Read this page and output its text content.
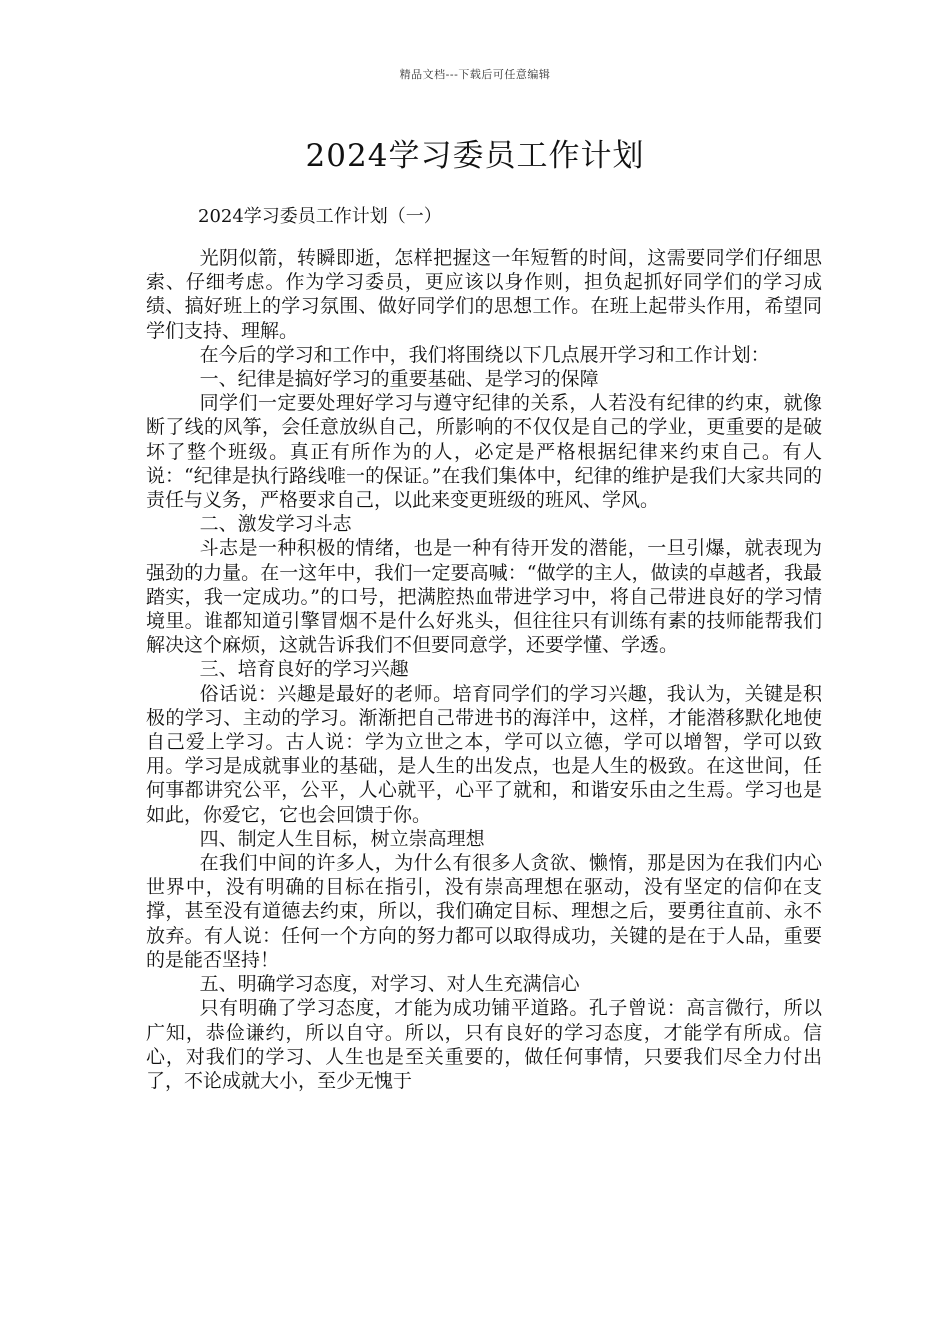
精品文档---下载后可任意编辑
2024学习委员工作计划

2024学习委员工作计划（一）

光阴似箭，转瞬即逝，怎样把握这一年短暂的时间，这需要同学们仔细思索、仔细考虑。作为学习委员，更应该以身作则，担负起抓好同学们的学习成绩、搞好班上的学习氛围、做好同学们的思想工作。在班上起带头作用，希望同学们支持、理解。

在今后的学习和工作中，我们将围绕以下几点展开学习和工作计划：

一、纪律是搞好学习的重要基础、是学习的保障

同学们一定要处理好学习与遵守纪律的关系，人若没有纪律的约束，就像断了线的风筝，会任意放纵自己，所影响的不仅仅是自己的学业，更重要的是破坏了整个班级。真正有所作为的人，必定是严格根据纪律来约束自己。有人说：“纪律是执行路线唯一的保证。”在我们集体中，纪律的维护是我们大家共同的责任与义务，严格要求自己，以此来变更班级的班风、学风。

二、激发学习斗志

斗志是一种积极的情绪，也是一种有待开发的潜能，一旦引爆，就表现为强劲的力量。在一这年中，我们一定要高喊：“做学的主人，做读的卓越者，我最踏实，我一定成功。”的口号，把满腔热血带进学习中，将自己带进良好的学习情境里。谁都知道引擎冒烟不是什么好兆头，但往往只有训练有素的技师能帮我们解决这个麻烦，这就告诉我们不但要同意学，还要学懂、学透。

三、培育良好的学习兴趣

俗话说：兴趣是最好的老师。培育同学们的学习兴趣，我认为，关键是积极的学习、主动的学习。渐渐把自己带进书的海洋中，这样，才能潜移默化地使自己爱上学习。古人说：学为立世之本，学可以立德，学可以增智，学可以致用。学习是成就事业的基础，是人生的出发点，也是人生的极致。在这世间，任何事都讲究公平，公平，人心就平，心平了就和，和谐安乐由之生焉。学习也是如此，你爱它，它也会回馈于你。

四、制定人生目标，树立崇高理想

在我们中间的许多人，为什么有很多人贪欲、懒惰，那是因为在我们内心世界中，没有明确的目标在指引，没有崇高理想在驱动，没有坚定的信仰在支撑，甚至没有道德去约束，所以，我们确定目标、理想之后，要勇往直前、永不放弃。有人说：任何一个方向的努力都可以取得成功，关键的是在于人品，重要的是能否坚持！

五、明确学习态度，对学习、对人生充满信心

只有明确了学习态度，才能为成功铺平道路。孔子曾说：高言微行，所以广知，恭俭谦约，所以自守。所以，只有良好的学习态度，才能学有所成。信心，对我们的学习、人生也是至关重要的，做任何事情，只要我们尽全力付出了，不论成就大小，至少无愧于
